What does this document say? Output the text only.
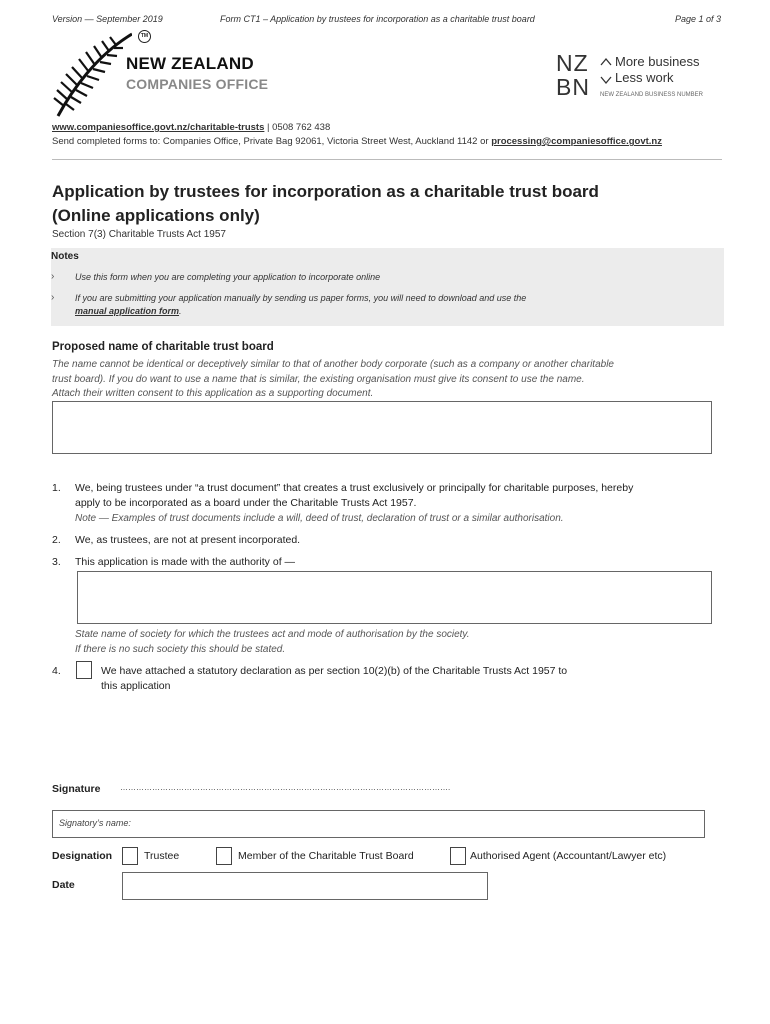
Version — September 2019	Form CT1 – Application by trustees for incorporation as a charitable trust board	Page 1 of 3
TM
NEW ZEALAND
COMPANIES OFFICE
NZ
BN
More business
Less work
NEW ZEALAND BUSINESS NUMBER
www.companiesoffice.govt.nz/charitable-trusts | 0508 762 438
Send completed forms to: Companies Office, Private Bag 92061, Victoria Street West, Auckland 1142 or processing@companiesoffice.govt.nz
Application by trustees for incorporation as a charitable trust board
(Online applications only)
Section 7(3) Charitable Trusts Act 1957
Notes
› Use this form when you are completing your application to incorporate online
› If you are submitting your application manually by sending us paper forms, you will need to download and use the
manual application form.
Proposed name of charitable trust board
The name cannot be identical or deceptively similar to that of another body corporate (such as a company or another charitable
trust board). If you do want to use a name that is similar, the existing organisation must give its consent to use the name.
Attach their written consent to this application as a supporting document.
1. We, being trustees under “a trust document” that creates a trust exclusively or principally for charitable purposes, hereby
apply to be incorporated as a board under the Charitable Trusts Act 1957.
Note — Examples of trust documents include a will, deed of trust, declaration of trust or a similar authorisation.
2. We, as trustees, are not at present incorporated.
3. This application is made with the authority of —
State name of society for which the trustees act and mode of authorisation by the society.
If there is no such society this should be stated.
4.	We have attached a statutory declaration as per section 10(2)(b) of the Charitable Trusts Act 1957 to
this application
Signature …………………………………………………………………………………………………………….
Signatory’s name:
Designation	Trustee	Member of the Charitable Trust Board	Authorised Agent (Accountant/Lawyer etc)
Date
